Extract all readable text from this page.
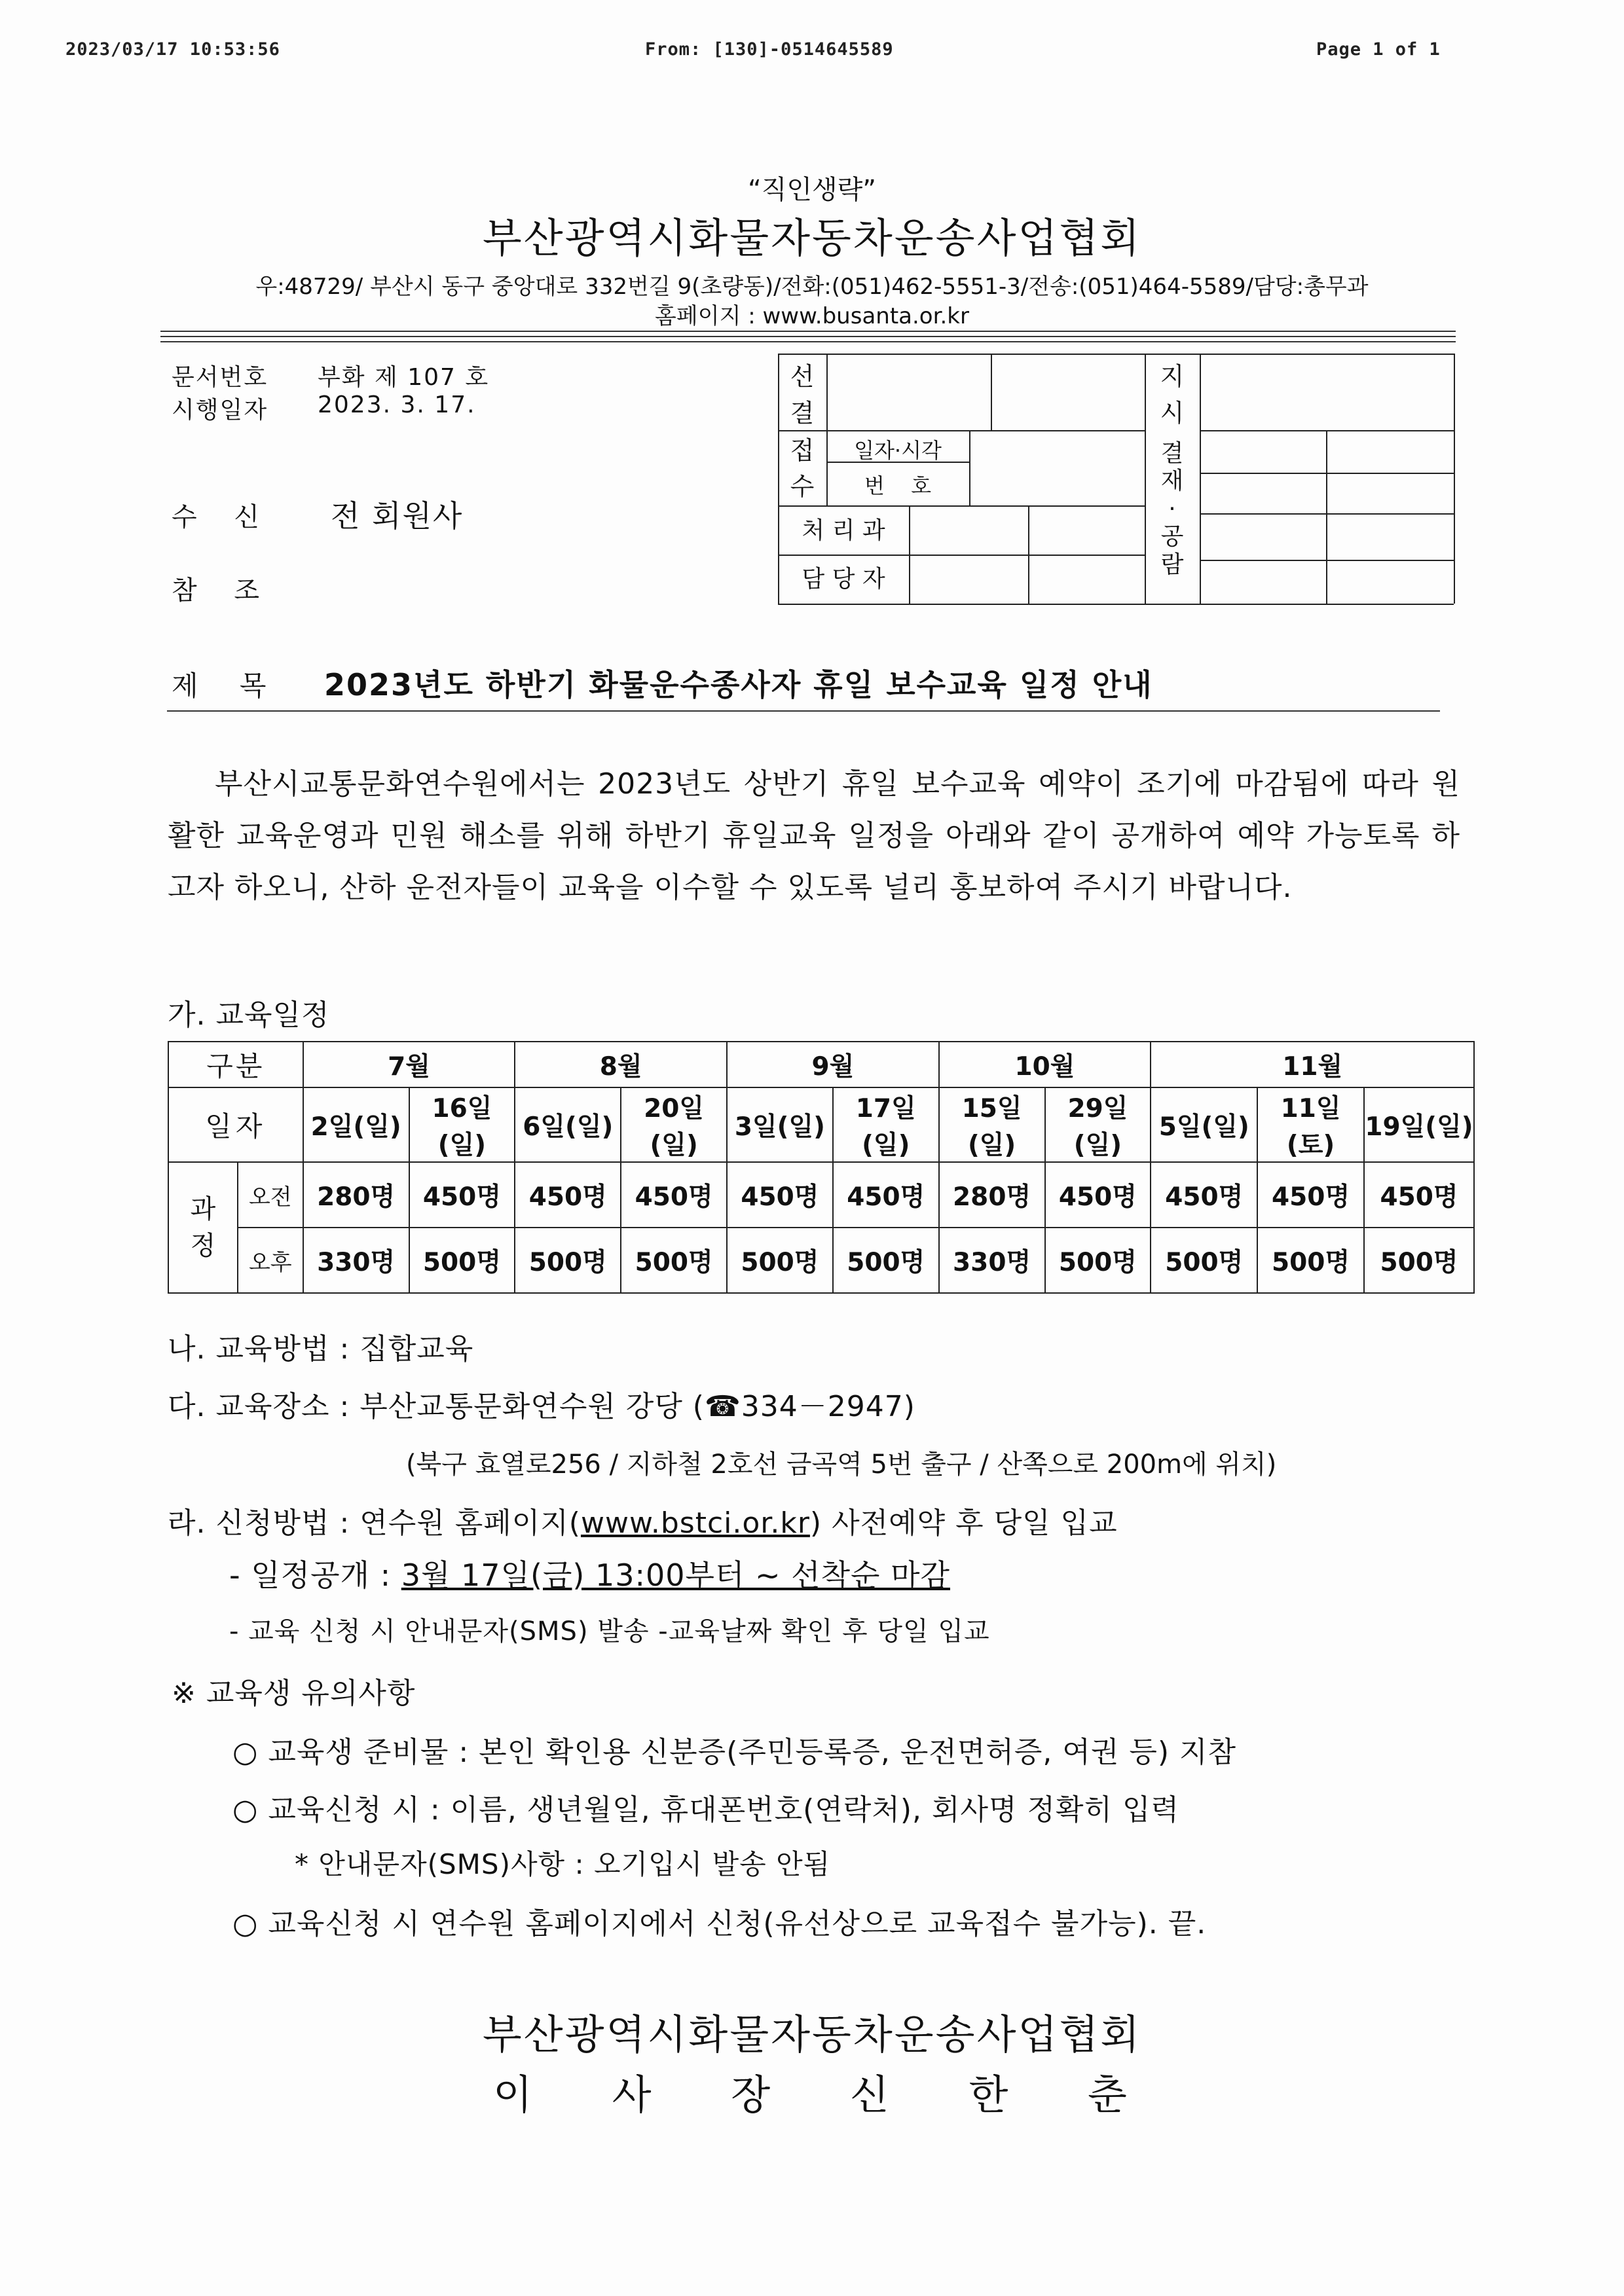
2023/03/17 10:53:56	From: [130]-0514645589	Page 1 of 1
“직인생략”
부산광역시화물자동차운송사업협회
우:48729/ 부산시 동구 중앙대로 332번길 9(초량동)/전화:(051)462-5551-3/전송:(051)464-5589/담당:총무과
홈페이지 : www.busanta.or.kr
문서번호 부화 제 107 호
시행일자 2023. 3. 17.
수 신 전 회원사
참 조
선
결
지
시
접
수
일자·시각
번 호
처 리 과
담 당 자
결
재
·
공
람
제 목 2023년도 하반기 화물운수종사자 휴일 보수교육 일정 안내
부산시교통문화연수원에서는 2023년도 상반기 휴일 보수교육 예약이 조기에 마감됨에 따라 원활한 교육운영과 민원 해소를 위해 하반기 휴일교육 일정을 아래와 같이 공개하여 예약 가능토록 하고자 하오니, 산하 운전자들이 교육을 이수할 수 있도록 널리 홍보하여 주시기 바랍니다.
가. 교육일정
구분		7월		8월		9월		10월		11월		
일자		2일(일)	16일(일)	6일(일)	20일(일)	3일(일)	17일(일)	15일(일)	29일(일)	5일(일)	11일(토)	19일(일)
과
정	오전	280명	450명	450명	450명	450명	450명	280명	450명	450명	450명	450명
	오후	330명	500명	500명	500명	500명	500명	330명	500명	500명	500명	500명
나. 교육방법 : 집합교육
다. 교육장소 : 부산교통문화연수원 강당 (☎334－2947)
(북구 효열로256 / 지하철 2호선 금곡역 5번 출구 / 산쪽으로 200m에 위치)
라. 신청방법 : 연수원 홈페이지(www.bstci.or.kr) 사전예약 후 당일 입교
- 일정공개 : 3월 17일(금) 13:00부터 ~ 선착순 마감
- 교육 신청 시 안내문자(SMS) 발송 -교육날짜 확인 후 당일 입교
※ 교육생 유의사항
○ 교육생 준비물 : 본인 확인용 신분증(주민등록증, 운전면허증, 여권 등) 지참
○ 교육신청 시 : 이름, 생년월일, 휴대폰번호(연락처), 회사명 정확히 입력
* 안내문자(SMS)사항 : 오기입시 발송 안됨
○ 교육신청 시 연수원 홈페이지에서 신청(유선상으로 교육접수 불가능). 끝.
부산광역시화물자동차운송사업협회
이 사 장 신 한 춘
